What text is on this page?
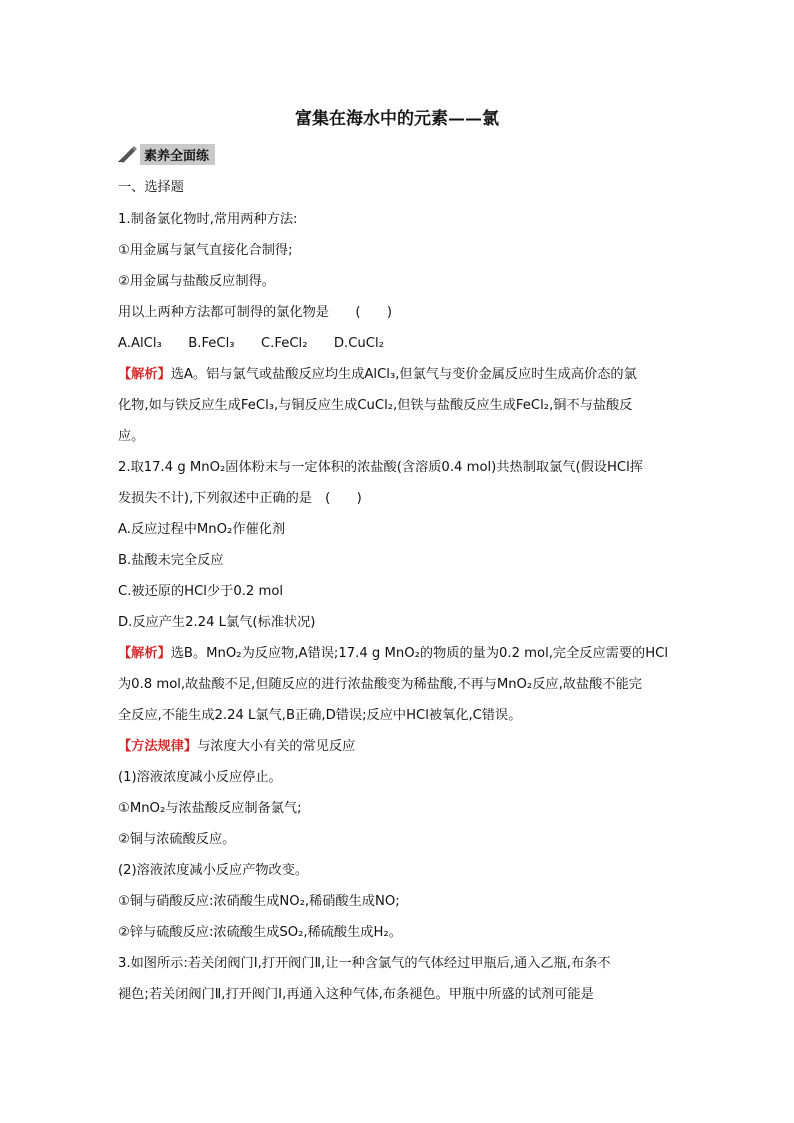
富集在海水中的元素——氯
素养全面练
一、选择题
1.制备氯化物时,常用两种方法:
①用金属与氯气直接化合制得;
②用金属与盐酸反应制得。
用以上两种方法都可制得的氯化物是　　(　　)
A.AlCl₃　　B.FeCl₃　　C.FeCl₂　　D.CuCl₂
【解析】选A。铝与氯气或盐酸反应均生成AlCl₃,但氯气与变价金属反应时生成高价态的氯
化物,如与铁反应生成FeCl₃,与铜反应生成CuCl₂,但铁与盐酸反应生成FeCl₂,铜不与盐酸反
应。
2.取17.4 g MnO₂固体粉末与一定体积的浓盐酸(含溶质0.4 mol)共热制取氯气(假设HCl挥
发损失不计),下列叙述中正确的是　(　　)
A.反应过程中MnO₂作催化剂
B.盐酸未完全反应
C.被还原的HCl少于0.2 mol
D.反应产生2.24 L氯气(标准状况)
【解析】选B。MnO₂为反应物,A错误;17.4 g MnO₂的物质的量为0.2 mol,完全反应需要的HCl
为0.8 mol,故盐酸不足,但随反应的进行浓盐酸变为稀盐酸,不再与MnO₂反应,故盐酸不能完
全反应,不能生成2.24 L氯气,B正确,D错误;反应中HCl被氧化,C错误。
【方法规律】与浓度大小有关的常见反应
(1)溶液浓度减小反应停止。
①MnO₂与浓盐酸反应制备氯气;
②铜与浓硫酸反应。
(2)溶液浓度减小反应产物改变。
①铜与硝酸反应:浓硝酸生成NO₂,稀硝酸生成NO;
②锌与硫酸反应:浓硫酸生成SO₂,稀硫酸生成H₂。
3.如图所示:若关闭阀门Ⅰ,打开阀门Ⅱ,让一种含氯气的气体经过甲瓶后,通入乙瓶,布条不
褪色;若关闭阀门Ⅱ,打开阀门Ⅰ,再通入这种气体,布条褪色。甲瓶中所盛的试剂可能是
